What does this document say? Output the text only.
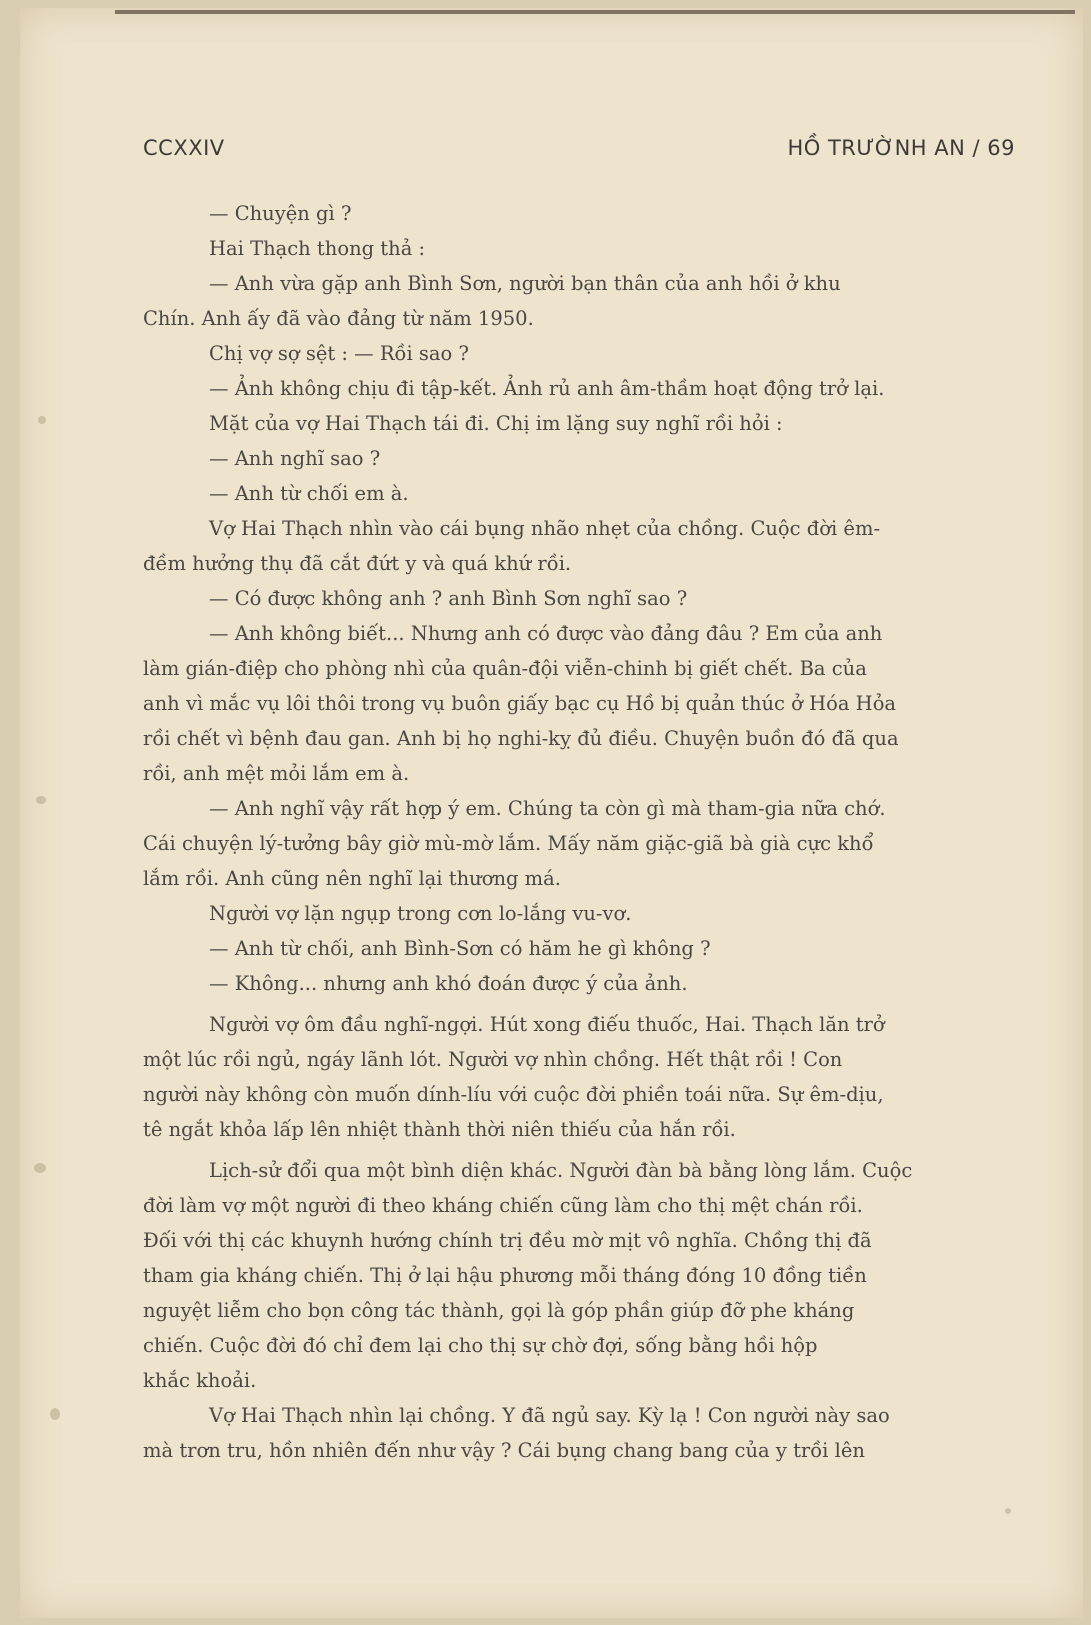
CCXXIV	HỒ TRƯỜNH AN / 69

— Chuyện gì ?

Hai Thạch thong thả :

— Anh vừa gặp anh Bình Sơn, người bạn thân của anh hồi ở khu

Chín. Anh ấy đã vào đảng từ năm 1950.

Chị vợ sợ sệt : — Rồi sao ?

— Ảnh không chịu đi tập-kết. Ảnh rủ anh âm-thầm hoạt động trở lại.

Mặt của vợ Hai Thạch tái đi. Chị im lặng suy nghĩ rồi hỏi :

— Anh nghĩ sao ?

— Anh từ chối em à.

Vợ Hai Thạch nhìn vào cái bụng nhão nhẹt của chồng. Cuộc đời êm-

đềm hưởng thụ đã cắt đứt y và quá khứ rồi.

— Có được không anh ? anh Bình Sơn nghĩ sao ?

— Anh không biết... Nhưng anh có được vào đảng đâu ? Em của anh

làm gián-điệp cho phòng nhì của quân-đội viễn-chinh bị giết chết. Ba của

anh vì mắc vụ lôi thôi trong vụ buôn giấy bạc cụ Hồ bị quản thúc ở Hóa Hỏa

rồi chết vì bệnh đau gan. Anh bị họ nghi-kỵ đủ điều. Chuyện buồn đó đã qua

rồi, anh mệt mỏi lắm em à.

— Anh nghĩ vậy rất hợp ý em. Chúng ta còn gì mà tham-gia nữa chớ.

Cái chuyện lý-tưởng bây giờ mù-mờ lắm. Mấy năm giặc-giã bà già cực khổ

lắm rồi. Anh cũng nên nghĩ lại thương má.

Người vợ lặn ngụp trong cơn lo-lắng vu-vơ.

— Anh từ chối, anh Bình-Sơn có hăm he gì không ?

— Không... nhưng anh khó đoán được ý của ảnh.

Người vợ ôm đầu nghĩ-ngợi. Hút xong điếu thuốc, Hai. Thạch lăn trở

một lúc rồi ngủ, ngáy lãnh lót. Người vợ nhìn chồng. Hết thật rồi ! Con

người này không còn muốn dính-líu với cuộc đời phiền toái nữa. Sự êm-dịu,

tê ngắt khỏa lấp lên nhiệt thành thời niên thiếu của hắn rồi.

Lịch-sử đổi qua một bình diện khác. Người đàn bà bằng lòng lắm. Cuộc

đời làm vợ một người đi theo kháng chiến cũng làm cho thị mệt chán rồi.

Đối với thị các khuynh hướng chính trị đều mờ mịt vô nghĩa. Chồng thị đã

tham gia kháng chiến. Thị ở lại hậu phương mỗi tháng đóng 10 đồng tiền

nguyệt liễm cho bọn công tác thành, gọi là góp phần giúp đỡ phe kháng

chiến. Cuộc đời đó chỉ đem lại cho thị sự chờ đợi, sống bằng hồi hộp

khắc khoải.

Vợ Hai Thạch nhìn lại chồng. Y đã ngủ say. Kỳ lạ ! Con người này sao

mà trơn tru, hồn nhiên đến như vậy ? Cái bụng chang bang của y trồi lên
